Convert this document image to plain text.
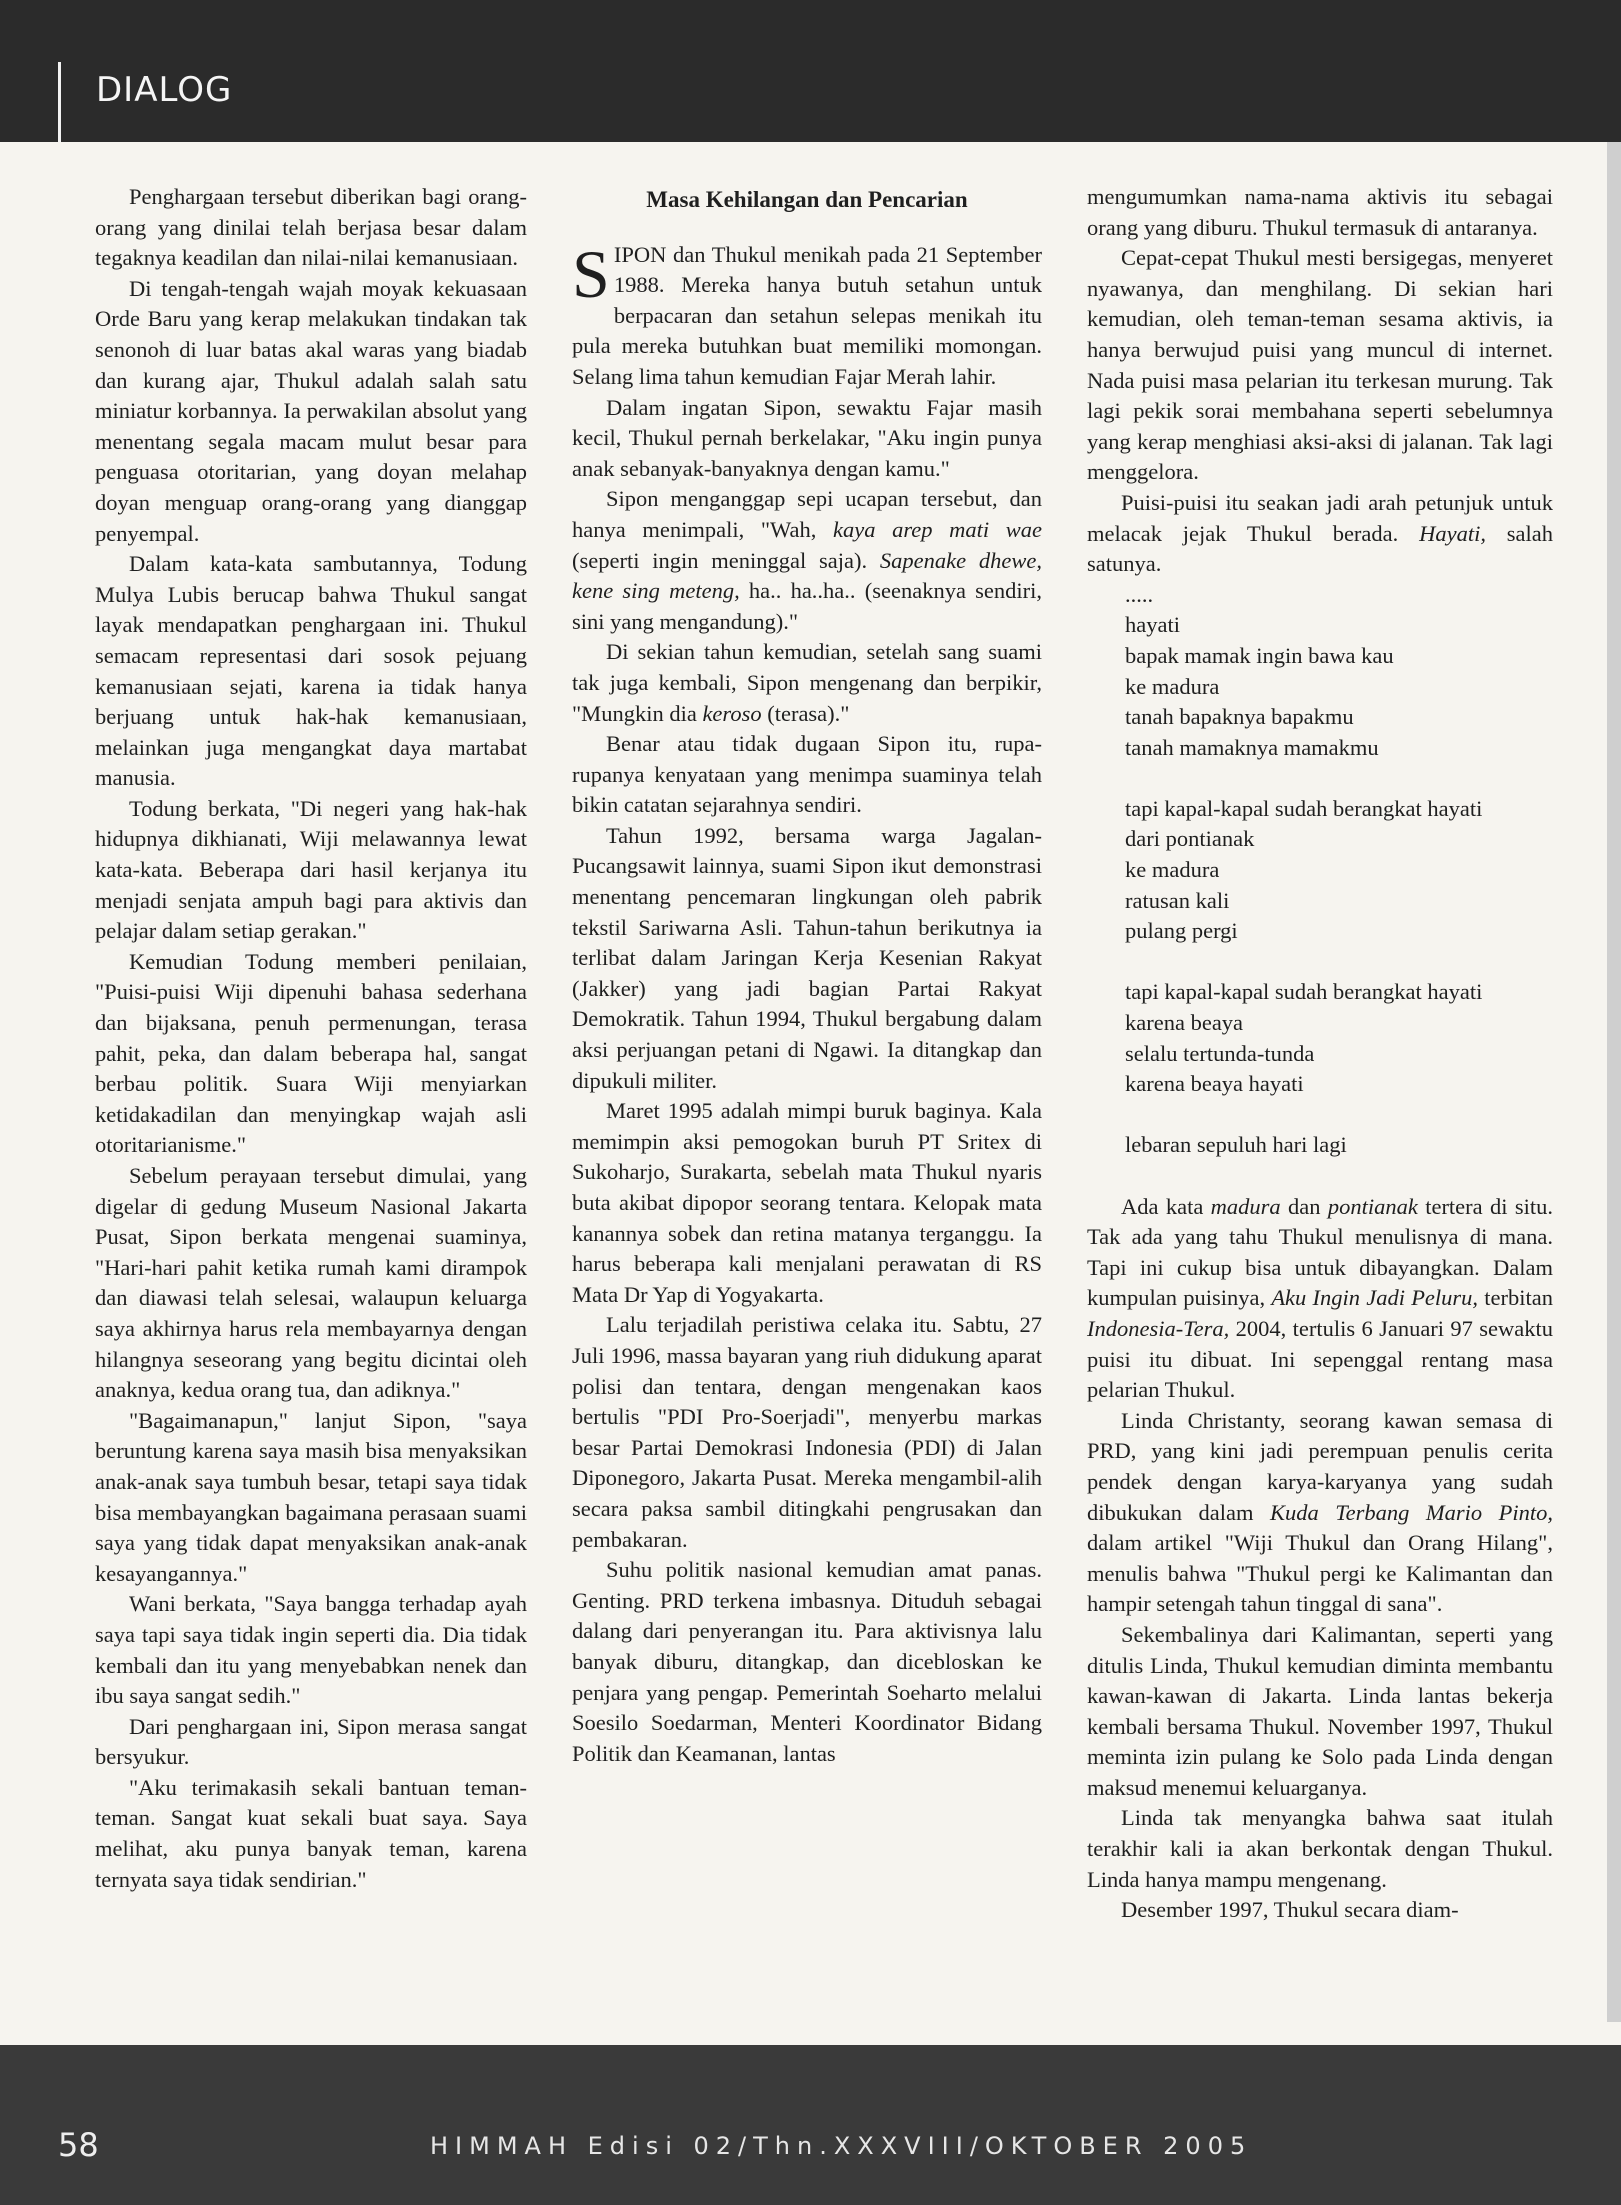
DIALOG

Penghargaan tersebut diberikan bagi orang-orang yang dinilai telah berjasa besar dalam tegaknya keadilan dan nilai-nilai kemanusiaan.

Di tengah-tengah wajah moyak kekuasaan Orde Baru yang kerap melakukan tindakan tak senonoh di luar batas akal waras yang biadab dan kurang ajar, Thukul adalah salah satu miniatur korbannya. Ia perwakilan absolut yang menentang segala macam mulut besar para penguasa otoritarian, yang doyan melahap doyan menguap orang-orang yang dianggap penyempal.

Dalam kata-kata sambutannya, Todung Mulya Lubis berucap bahwa Thukul sangat layak mendapatkan penghargaan ini. Thukul semacam representasi dari sosok pejuang kemanusiaan sejati, karena ia tidak hanya berjuang untuk hak-hak kemanusiaan, melainkan juga mengangkat daya martabat manusia.

Todung berkata, "Di negeri yang hak-hak hidupnya dikhianati, Wiji melawannya lewat kata-kata. Beberapa dari hasil kerjanya itu menjadi senjata ampuh bagi para aktivis dan pelajar dalam setiap gerakan."

Kemudian Todung memberi penilaian, "Puisi-puisi Wiji dipenuhi bahasa sederhana dan bijaksana, penuh permenungan, terasa pahit, peka, dan dalam beberapa hal, sangat berbau politik. Suara Wiji menyiarkan ketidakadilan dan menyingkap wajah asli otoritarianisme."

Sebelum perayaan tersebut dimulai, yang digelar di gedung Museum Nasional Jakarta Pusat, Sipon berkata mengenai suaminya, "Hari-hari pahit ketika rumah kami dirampok dan diawasi telah selesai, walaupun keluarga saya akhirnya harus rela membayarnya dengan hilangnya seseorang yang begitu dicintai oleh anaknya, kedua orang tua, dan adiknya."

"Bagaimanapun," lanjut Sipon, "saya beruntung karena saya masih bisa menyaksikan anak-anak saya tumbuh besar, tetapi saya tidak bisa membayangkan bagaimana perasaan suami saya yang tidak dapat menyaksikan anak-anak kesayangannya."

Wani berkata, "Saya bangga terhadap ayah saya tapi saya tidak ingin seperti dia. Dia tidak kembali dan itu yang menyebabkan nenek dan ibu saya sangat sedih."

Dari penghargaan ini, Sipon merasa sangat bersyukur.

"Aku terimakasih sekali bantuan teman-teman. Sangat kuat sekali buat saya. Saya melihat, aku punya banyak teman, karena ternyata saya tidak sendirian."

Masa Kehilangan dan Pencarian

SIPON dan Thukul menikah pada 21 September 1988. Mereka hanya butuh setahun untuk berpacaran dan setahun selepas menikah itu pula mereka butuhkan buat memiliki momongan. Selang lima tahun kemudian Fajar Merah lahir.

Dalam ingatan Sipon, sewaktu Fajar masih kecil, Thukul pernah berkelakar, "Aku ingin punya anak sebanyak-banyaknya dengan kamu."

Sipon menganggap sepi ucapan tersebut, dan hanya menimpali, "Wah, kaya arep mati wae (seperti ingin meninggal saja). Sapenake dhewe, kene sing meteng, ha.. ha..ha.. (seenaknya sendiri, sini yang mengandung)."

Di sekian tahun kemudian, setelah sang suami tak juga kembali, Sipon mengenang dan berpikir, "Mungkin dia keroso (terasa)."

Benar atau tidak dugaan Sipon itu, rupa-rupanya kenyataan yang menimpa suaminya telah bikin catatan sejarahnya sendiri.

Tahun 1992, bersama warga Jagalan-Pucangsawit lainnya, suami Sipon ikut demonstrasi menentang pencemaran lingkungan oleh pabrik tekstil Sariwarna Asli. Tahun-tahun berikutnya ia terlibat dalam Jaringan Kerja Kesenian Rakyat (Jakker) yang jadi bagian Partai Rakyat Demokratik. Tahun 1994, Thukul bergabung dalam aksi perjuangan petani di Ngawi. Ia ditangkap dan dipukuli militer.

Maret 1995 adalah mimpi buruk baginya. Kala memimpin aksi pemogokan buruh PT Sritex di Sukoharjo, Surakarta, sebelah mata Thukul nyaris buta akibat dipopor seorang tentara. Kelopak mata kanannya sobek dan retina matanya terganggu. Ia harus beberapa kali menjalani perawatan di RS Mata Dr Yap di Yogyakarta.

Lalu terjadilah peristiwa celaka itu. Sabtu, 27 Juli 1996, massa bayaran yang riuh didukung aparat polisi dan tentara, dengan mengenakan kaos bertulis "PDI Pro-Soerjadi", menyerbu markas besar Partai Demokrasi Indonesia (PDI) di Jalan Diponegoro, Jakarta Pusat. Mereka mengambil-alih secara paksa sambil ditingkahi pengrusakan dan pembakaran.

Suhu politik nasional kemudian amat panas. Genting. PRD terkena imbasnya. Dituduh sebagai dalang dari penyerangan itu. Para aktivisnya lalu banyak diburu, ditangkap, dan dicebloskan ke penjara yang pengap. Pemerintah Soeharto melalui Soesilo Soedarman, Menteri Koordinator Bidang Politik dan Keamanan, lantas

mengumumkan nama-nama aktivis itu sebagai orang yang diburu. Thukul termasuk di antaranya.

Cepat-cepat Thukul mesti bersigegas, menyeret nyawanya, dan menghilang. Di sekian hari kemudian, oleh teman-teman sesama aktivis, ia hanya berwujud puisi yang muncul di internet. Nada puisi masa pelarian itu terkesan murung. Tak lagi pekik sorai membahana seperti sebelumnya yang kerap menghiasi aksi-aksi di jalanan. Tak lagi menggelora.

Puisi-puisi itu seakan jadi arah petunjuk untuk melacak jejak Thukul berada. Hayati, salah satunya.

.....
hayati
bapak mamak ingin bawa kau
ke madura
tanah bapaknya bapakmu
tanah mamaknya mamakmu
tapi kapal-kapal sudah berangkat hayati
dari pontianak
ke madura
ratusan kali
pulang pergi
tapi kapal-kapal sudah berangkat hayati
karena beaya
selalu tertunda-tunda
karena beaya hayati
lebaran sepuluh hari lagi

Ada kata madura dan pontianak tertera di situ. Tak ada yang tahu Thukul menulisnya di mana. Tapi ini cukup bisa untuk dibayangkan. Dalam kumpulan puisinya, Aku Ingin Jadi Peluru, terbitan Indonesia-Tera, 2004, tertulis 6 Januari 97 sewaktu puisi itu dibuat. Ini sepenggal rentang masa pelarian Thukul.

Linda Christanty, seorang kawan semasa di PRD, yang kini jadi perempuan penulis cerita pendek dengan karya-karyanya yang sudah dibukukan dalam Kuda Terbang Mario Pinto, dalam artikel "Wiji Thukul dan Orang Hilang", menulis bahwa "Thukul pergi ke Kalimantan dan hampir setengah tahun tinggal di sana".

Sekembalinya dari Kalimantan, seperti yang ditulis Linda, Thukul kemudian diminta membantu kawan-kawan di Jakarta. Linda lantas bekerja kembali bersama Thukul. November 1997, Thukul meminta izin pulang ke Solo pada Linda dengan maksud menemui keluarganya.

Linda tak menyangka bahwa saat itulah terakhir kali ia akan berkontak dengan Thukul. Linda hanya mampu mengenang.

Desember 1997, Thukul secara diam-

58	HIMMAH Edisi 02/Thn.XXXVIII/OKTOBER 2005
